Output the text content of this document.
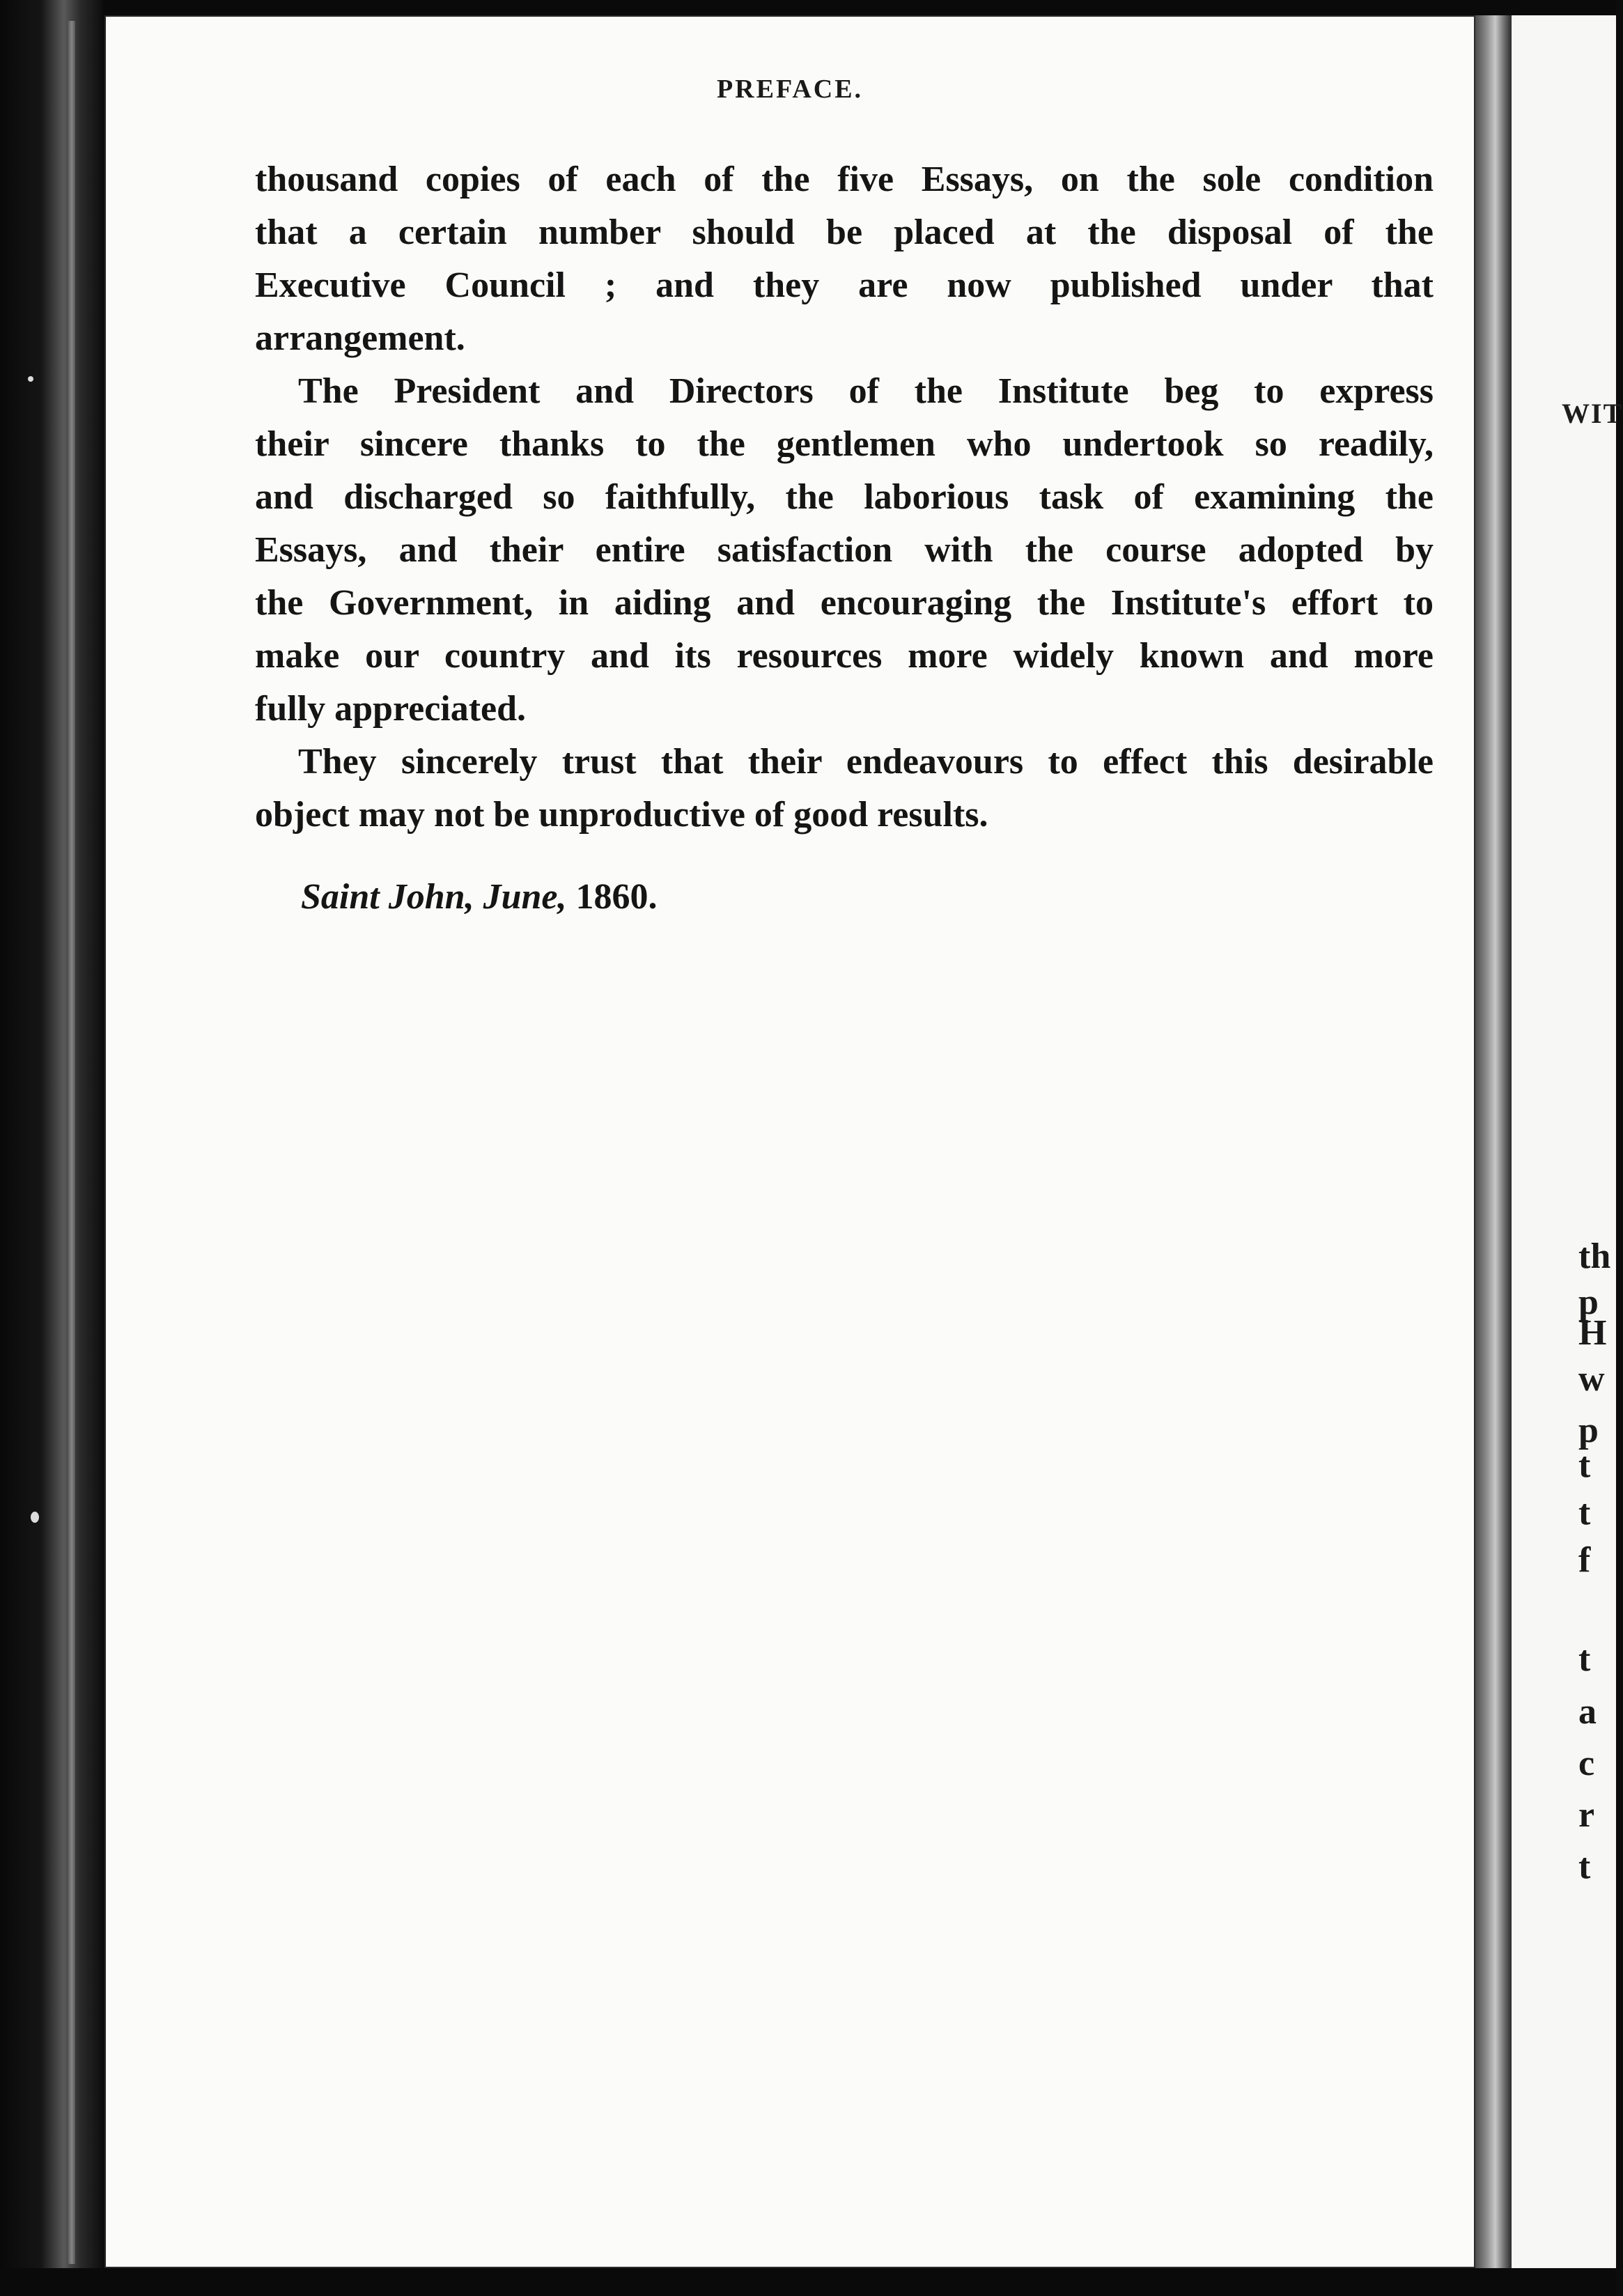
PREFACE.
thousand copies of each of the five Essays, on the sole condition
that a certain number should be placed at the disposal of the
Executive Council ; and they are now published under that
arrangement.
The President and Directors of the Institute beg to express
their sincere thanks to the gentlemen who undertook so readily,
and discharged so faithfully, the laborious task of examining the
Essays, and their entire satisfaction with the course adopted by
the Government, in aiding and encouraging the Institute's effort to
make our country and its resources more widely known and more
fully appreciated.
They sincerely trust that their endeavours to effect this desirable
object may not be unproductive of good results.
Saint John, June, 1860.
WIT
th
p
H
w
p
t
t
f
t
a
c
r
t
